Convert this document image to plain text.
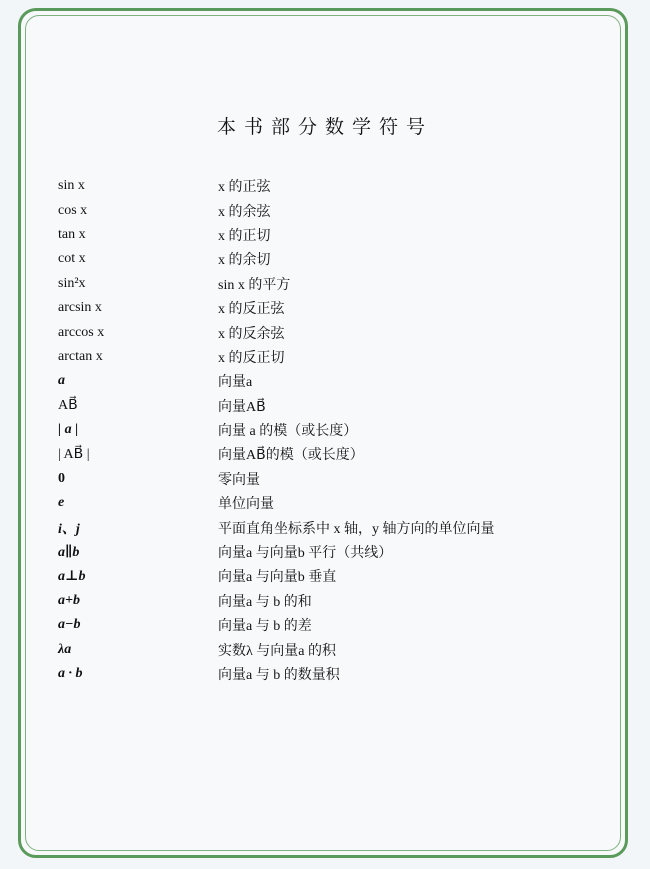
本书部分数学符号
sin x	x 的正弦
cos x	x 的余弦
tan x	x 的正切
cot x	x 的余切
sin²x	sin x 的平方
arcsin x	x 的反正弦
arccos x	x 的反余弦
arctan x	x 的反正切
a	向量a
AB⃗	向量AB⃗
| a |	向量 a 的模（或长度）
| AB⃗ |	向量AB⃗的模（或长度）
0	零向量
e	单位向量
i、j	平面直角坐标系中 x 轴，y 轴方向的单位向量
a∥b	向量a 与向量b 平行（共线）
a⊥b	向量a 与向量b 垂直
a+b	向量a 与 b 的和
a−b	向量a 与 b 的差
λa	实数λ 与向量a 的积
a · b	向量a 与 b 的数量积
